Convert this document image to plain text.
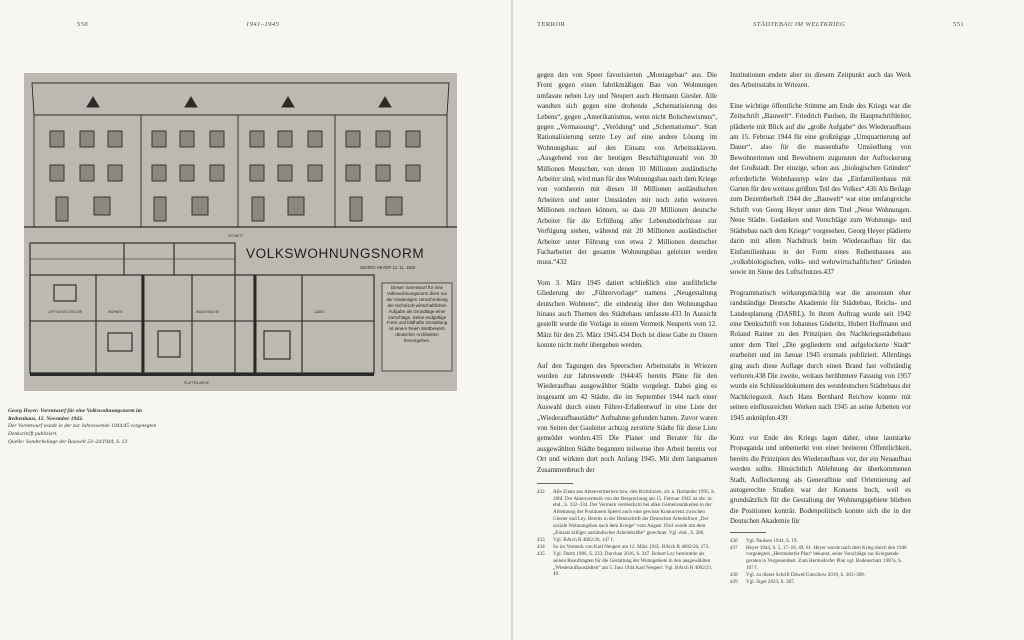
550	1941–1945
SCHNITT
VOLKSWOHNUNGSNORM
GEORG HEYER 12. 11. 1942
LUFTSCHUTZ-KELLER	WOHNEN	WASCHKÜCHE	LADEN
PLATTEN-WEGE
Dieser Vorentwurf für eine Volkswohnungsnorm dient nur der eindeutigen Umschreibung der technisch-wirtschaftlichen Aufgabe als Grundlage einer Vorschläge. Seine endgültige Form und bildhafte Gestaltung ist einem freien Wettbewerb deutscher Architekten hervorgehen.
Georg Heyer: Vorentwurf für eine Volkswohnungsnorm im Reihenhaus, 12. November 1943.
Der Vorentwurf wurde in der zur Jahreswende 1944/45 vorgelegten Denkschrift publiziert.
Quelle: Sonderbeilage der Bauwelt 23–24/1944, S. 13
TERROR	STÄDTEBAU IM WELTKRIEG	551

gegen den von Speer favorisierten „Montagebau“ aus. Die Front gegen einen fabrikmäßigen Bau von Wohnungen umfasste neben Ley und Neupert auch Hermann Giesler. Alle wandten sich gegen eine drohende „Schematisierung des Lebens“, gegen „Amerikanismus, wenn nicht Bolschewismus“, gegen „Vermassung“, „Verödung“ und „Schematismus“. Statt Rationalisierung setzte Ley auf eine andere Lösung im Wohnungsbau: auf den Einsatz von Arbeitssklaven. „Ausgehend von der heutigen Beschäftigtenzahl von 30 Millionen Menschen, von denen 10 Millionen ausländische Arbeiter sind, wird man für den Wohnungsbau nach dem Kriege von vornherein mit diesen 10 Millionen ausländischen Arbeitern und unter Umständen mit noch zehn weiteren Millionen rechnen können, so dass 20 Millionen deutsche Arbeiter für die Erfüllung aller Lebensbedürfnisse zur Verfügung stehen, während mit 20 Millionen ausländischer Arbeiter unter Führung von etwa 2 Millionen deutscher Facharbeiter der gesamte Wohnungsbau geleistet werden muss.“432

Vom 3. März 1945 datiert schließlich eine ausführliche Gliederung der „Führervorlage“ namens „Neugestaltung deutschen Wohnens“, die eindeutig über den Wohnungsbau hinaus auch Themen des Städtebaus umfasste.433 In Aussicht gestellt wurde die Vorlage in einem Vermerk Neuperts vom 12. März für den 25. März 1945.434 Doch ist diese Gabe zu Ostern konnte nicht mehr übergeben werden.

Auf den Tagungen des Speerschen Arbeitsstabs in Wriezen wurden zur Jahreswende 1944/45 bereits Pläne für den Wiederaufbau ausgewählter Städte vorgelegt. Dabei ging es insgesamt um 42 Städte, die im September 1944 nach einer Auswahl durch einen Führer-Erlaßentwurf in eine Liste der „Wiederaufbaustädte“ Aufnahme gefunden hatten. Zuvor waren von Seiten der Gauleiter achtzig zerstörte Städte für diese Liste gemeldet worden.435 Die Planer und Berater für die ausgewählten Städte begannen teilweise ihre Arbeit bereits vor Ort und wirkten dort noch Anfang 1945. Mit dem langsamen Zusammenbruch der

Institutionen endete aber zu diesem Zeitpunkt auch das Werk des Arbeitsstabs in Wriezen.

Eine wichtige öffentliche Stimme am Ende des Kriegs war die Zeitschrift „Bauwelt“. Friedrich Paulsen, ihr Hauptschriftleiter, plädierte mit Blick auf die „große Aufgabe“ des Wiederaufbaus am 15. Februar 1944 für eine großzügige „Umquartierung auf Dauer“, also für die massenhafte Umsiedlung von Bewohnerinnen und Bewohnern zugunsten der Auflockerung der Großstadt. Der einzige, schon aus „biologischen Gründen“ erforderliche Wohnhaustyp wäre das „Einfamilienhaus mit Garten für den weitaus größten Teil des Volkes“.436 Als Beilage zum Dezemberheft 1944 der „Bauwelt“ war eine umfangreiche Schrift von Georg Heyer unter dem Titel „Neue Wohnungen. Neue Städte. Gedanken und Vorschläge zum Wohnungs- und Städtebau nach dem Kriege“ vorgesehen. Georg Heyer plädierte darin mit allem Nachdruck beim Wiederaufbau für das Einfamilienhaus in der Form eines Reihenhauses aus „volksbiologischen, volks- und wehrwirtschaftlichen“ Gründen sowie im Sinne des Luftschutzes.437

Programmatisch wirkungsmächtig war die ansonsten eher randständige Deutsche Akademie für Städtebau, Reichs- und Landesplanung (DASRL). In ihrem Auftrag wurde seit 1942 eine Denkschrift von Johannes Göderitz, Hubert Hoffmann und Roland Rainer zu den Prinzipien des Nachkriegsstädtebaus unter dem Titel „Die gegliederte und aufgelockerte Stadt“ erarbeitet und im Januar 1945 erstmals publiziert. Allerdings ging auch diese Auflage durch einen Brand fast vollständig verloren.438 Die zweite, weitaus berühmtere Fassung von 1957 wurde ein Schlüsseldokument des westdeutschen Städtebaus der Nachkriegszeit. Auch Hans Bernhard Reichow konnte mit seinen einflussreichen Werken nach 1945 an seine Arbeiten vor 1945 anknüpfen.439

Kurz vor Ende des Kriegs lagen daher, ohne lautstarke Propaganda und unbemerkt von einer breiteren Öffentlichkeit, bereits die Prinzipien des Wiederaufbaus vor, der ein Neuaufbau werden sollte. Hinsichtlich Ablehnung der überkommenen Stadt, Auflockerung als Generallinie und Orientierung auf autogerechte Straßen war der Konsens hoch, weil es grundsätzlich für die Gestaltung der Wohnungsgebiete blieben die Positionen konträr. Bodenpolitisch konnte sich die in der Deutschen Akademie für

432	Alle Zitate aus Aktenvermerken bzw. den Richtlinien, zit. n. Harlander 1995, S. 286f. Der Aktenvermerk von der Besprechung am 15. Februar 1945 ist abr. in: ebd., S. 332–334. Der Vermerk verdeutlicht bei allen Gemeinsamkeiten in der Ablehnung der Positionen Speers auch eine gewisse Konkurrenz zwischen Giesler und Ley. Bereits in der Denkschrift der Deutschen Arbeitsfront „Der soziale Wohnungsbau nach dem Kriege“ vom August 1944 wurde mit dem „Einsatz billiger ausländischer Arbeitskräfte“ gerechnet. Vgl. ebd., S. 286.
433	Vgl. BArch R 4002/26, 147 f.
434	So im Vermerk von Karl Neupert am 12. März 1945. BArch R 4002/26, 273.
435	Vgl. Durth 1986, S. 233; Durchan 2016, S. 347. Robert Ley bestimmte als seinen Beauftragten für die Gestaltung der Wohngebiete in den ausgewählten „Wiederaufbaustädten“ am 5. Juni 1944 Karl Neupert. Vgl. BArch R 4002/21, 49.
436	Vgl. Paulsen 1944, S. 19.
437	Heyer 1944, S. 5, 17–18, 49, 61. Heyer wurde nach dem Krieg durch den 1946 vorgelegten „Hermsdorfer Plan“ bekannt, seine Vorschläge zur Kriegsende geraten in Vergessenheit. Zum Hermsdorfer Plan vgl. Bodenschatz 1987a, S. 167 f.
438	Vgl. zu dieser Schrift Düwel/Gutschow 2019, S. 303–309.
439	Vgl. Sigel 2023, S. 307.
